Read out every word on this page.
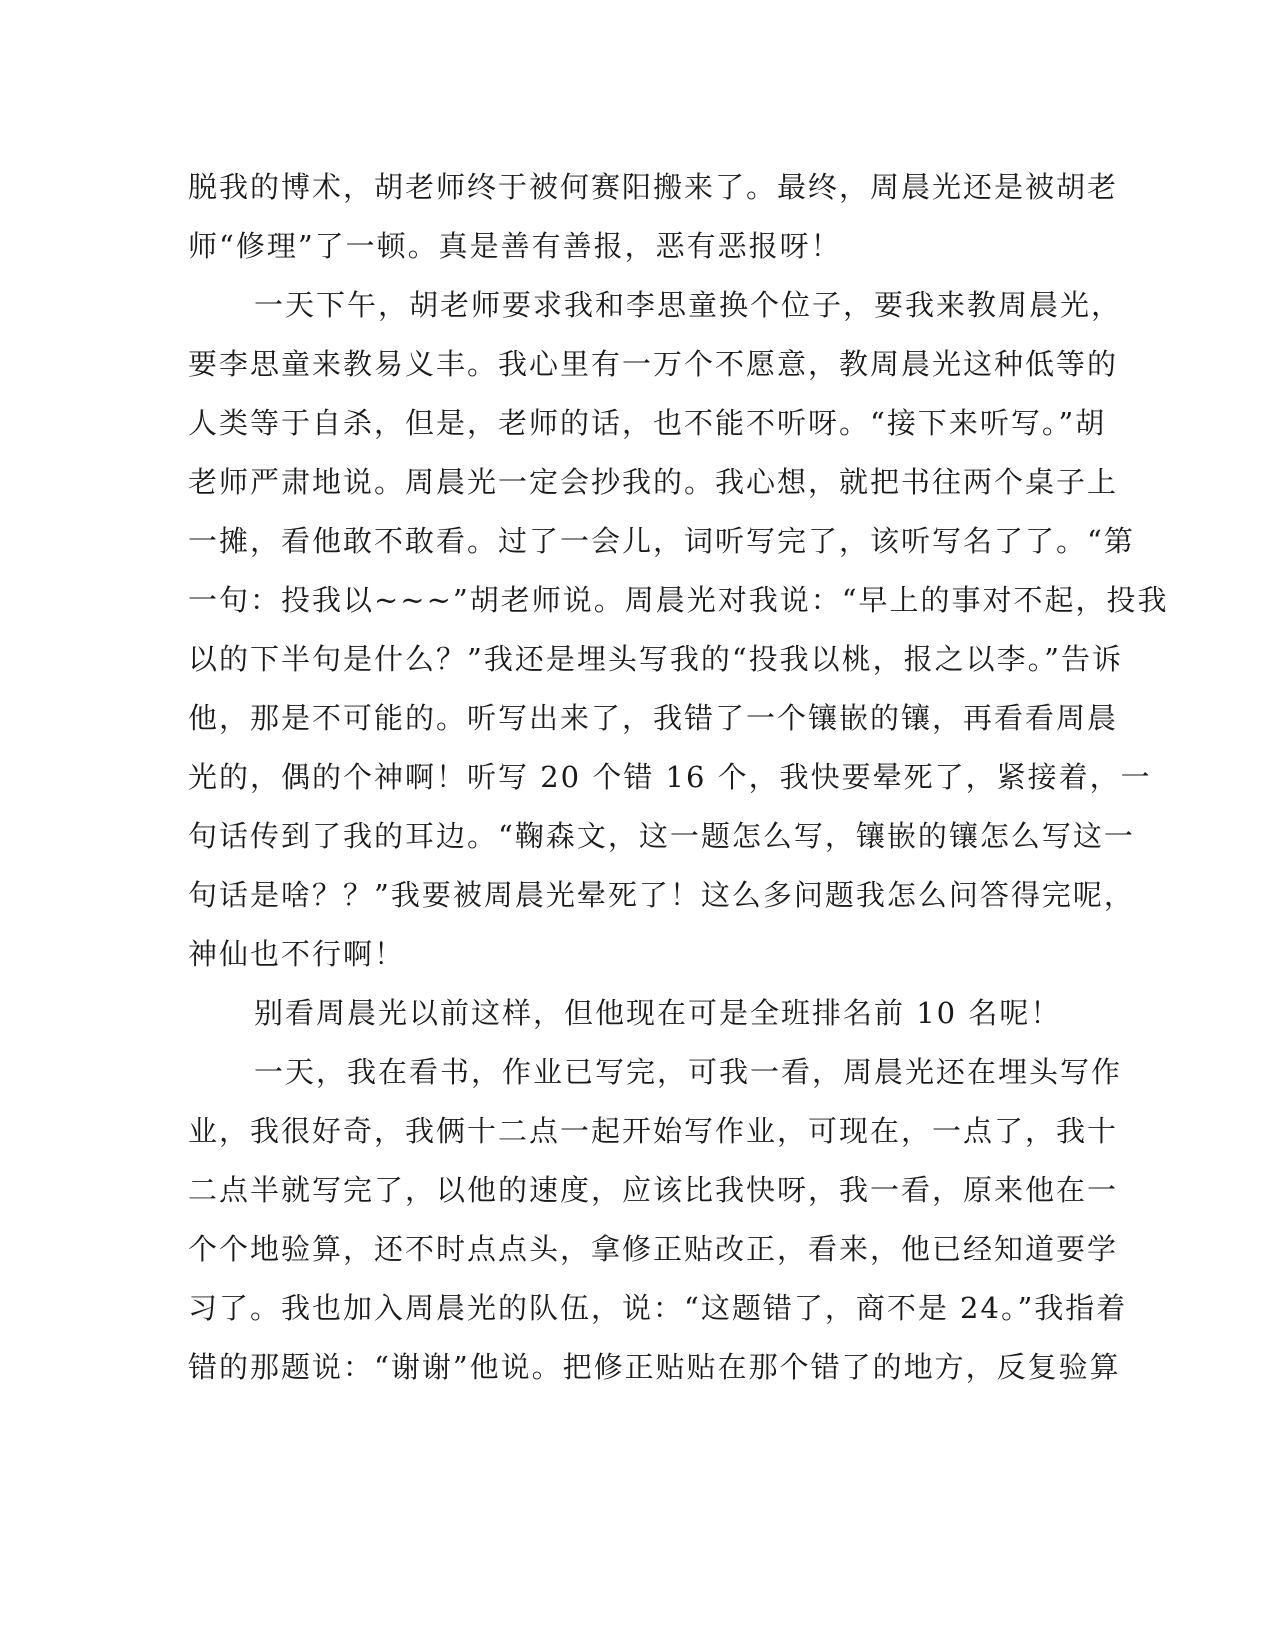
脱我的博术，胡老师终于被何赛阳搬来了。最终，周晨光还是被胡老
师“修理”了一顿。真是善有善报，恶有恶报呀！
一天下午，胡老师要求我和李思童换个位子，要我来教周晨光，
要李思童来教易义丰。我心里有一万个不愿意，教周晨光这种低等的
人类等于自杀，但是，老师的话，也不能不听呀。“接下来听写。”胡
老师严肃地说。周晨光一定会抄我的。我心想，就把书往两个桌子上
一摊，看他敢不敢看。过了一会儿，词听写完了，该听写名了了。“第
一句：投我以~~~”胡老师说。周晨光对我说：“早上的事对不起，投我
以的下半句是什么？”我还是埋头写我的“投我以桃，报之以李。”告诉
他，那是不可能的。听写出来了，我错了一个镶嵌的镶，再看看周晨
光的，偶的个神啊！听写 20 个错 16 个，我快要晕死了，紧接着，一
句话传到了我的耳边。“鞠森文，这一题怎么写，镶嵌的镶怎么写这一
句话是啥？？”我要被周晨光晕死了！这么多问题我怎么问答得完呢，
神仙也不行啊！
别看周晨光以前这样，但他现在可是全班排名前 10 名呢！
一天，我在看书，作业已写完，可我一看，周晨光还在埋头写作
业，我很好奇，我俩十二点一起开始写作业，可现在，一点了，我十
二点半就写完了，以他的速度，应该比我快呀，我一看，原来他在一
个个地验算，还不时点点头，拿修正贴改正，看来，他已经知道要学
习了。我也加入周晨光的队伍，说：“这题错了，商不是 24。”我指着
错的那题说：“谢谢”他说。把修正贴贴在那个错了的地方，反复验算
